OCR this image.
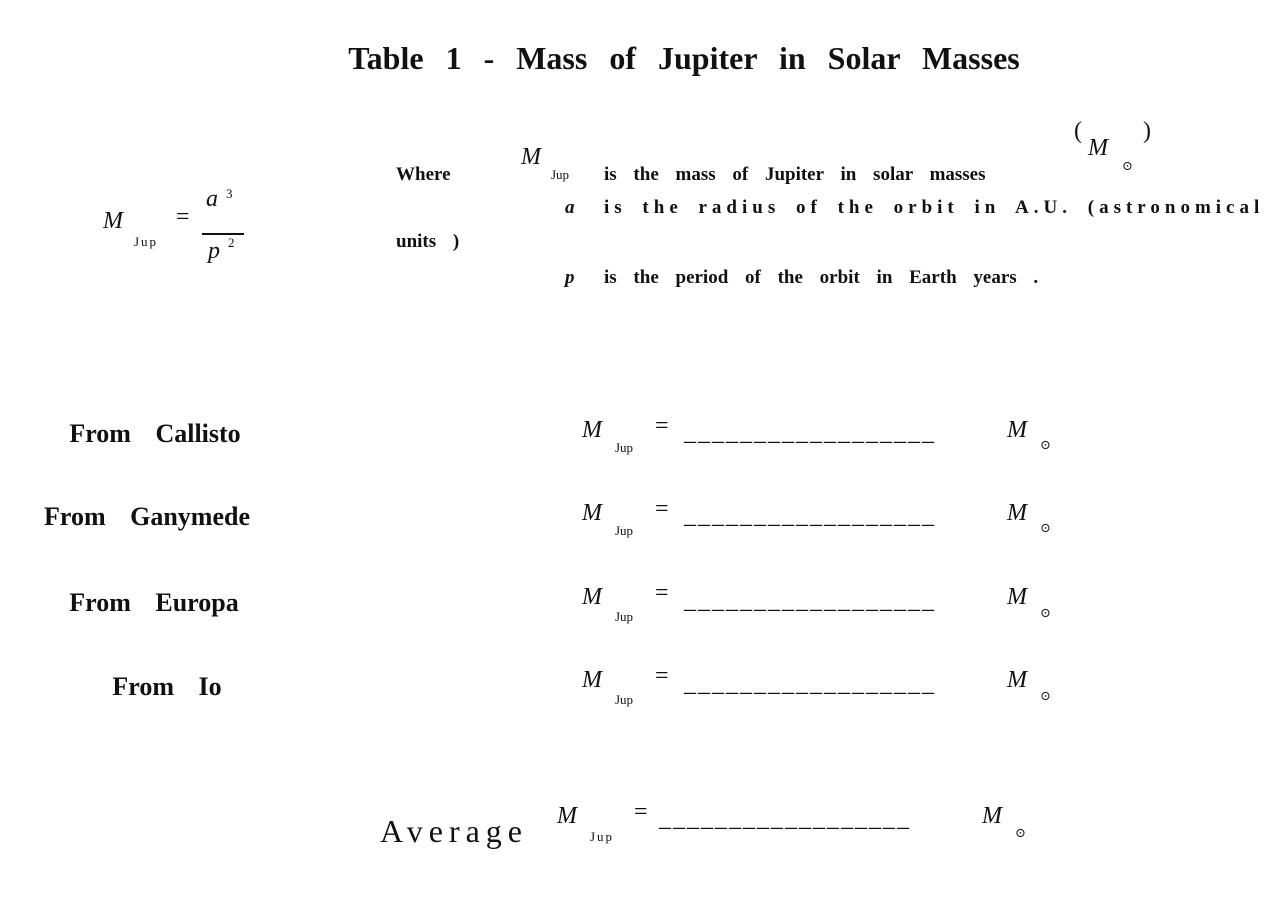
Table 1 - Mass of Jupiter in Solar Masses
M
Jup
=
a 3
p 2
Where
M
Jup is the mass of Jupiter in solar masses
(
M
⊙
)
a is the radius of the orbit in A.U. (astronomical
units )
p is the period of the orbit in Earth years .
From Callisto	M
Jup
= __________________	M
⊙
From Ganymede	M
Jup
= __________________	M
⊙
From Europa	M
Jup
= __________________	M
⊙
From Io	M
Jup
= __________________	M
⊙
Average M
Jup
= __________________	M
⊙
